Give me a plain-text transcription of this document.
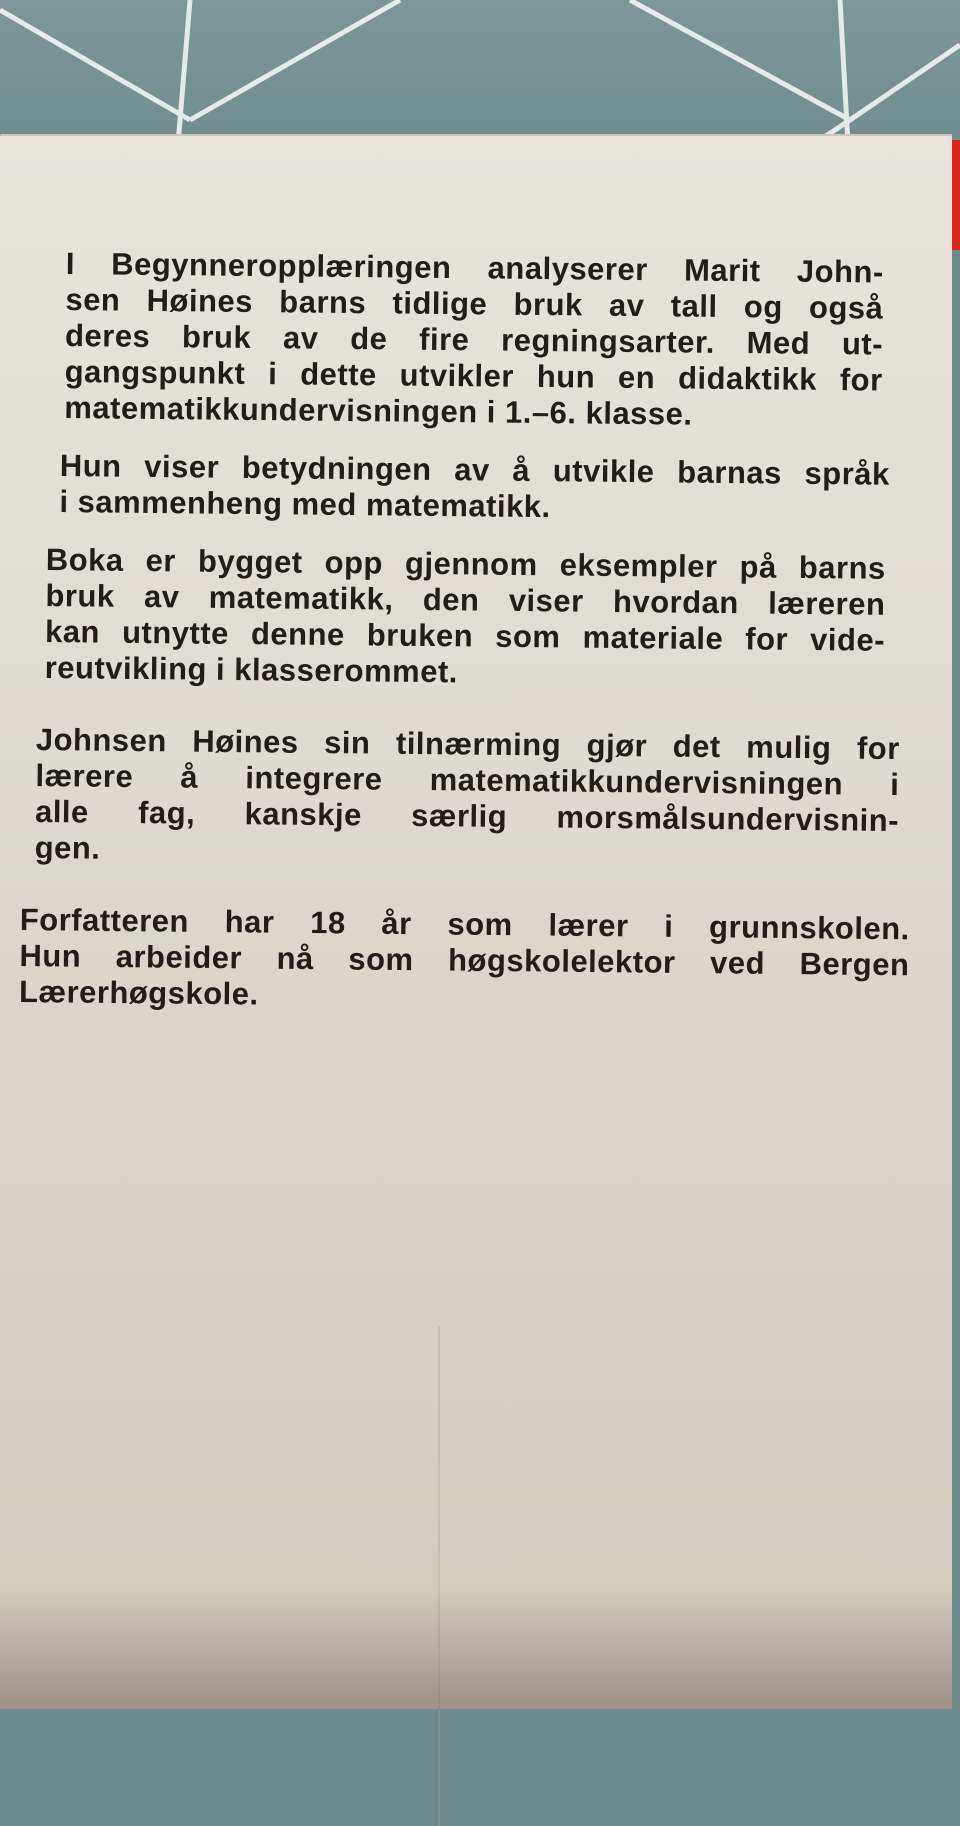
I Begynneropplæringen analyserer Marit John-
sen Høines barns tidlige bruk av tall og også
deres bruk av de fire regningsarter. Med ut-
gangspunkt i dette utvikler hun en didaktikk for
matematikkundervisningen i 1.–6. klasse.

Hun viser betydningen av å utvikle barnas språk
i sammenheng med matematikk.

Boka er bygget opp gjennom eksempler på barns
bruk av matematikk, den viser hvordan læreren
kan utnytte denne bruken som materiale for vide-
reutvikling i klasserommet.

Johnsen Høines sin tilnærming gjør det mulig for
lærere å integrere matematikkundervisningen i
alle fag, kanskje særlig morsmålsundervisnin-
gen.

Forfatteren har 18 år som lærer i grunnskolen.
Hun arbeider nå som høgskolelektor ved Bergen
Lærerhøgskole.
